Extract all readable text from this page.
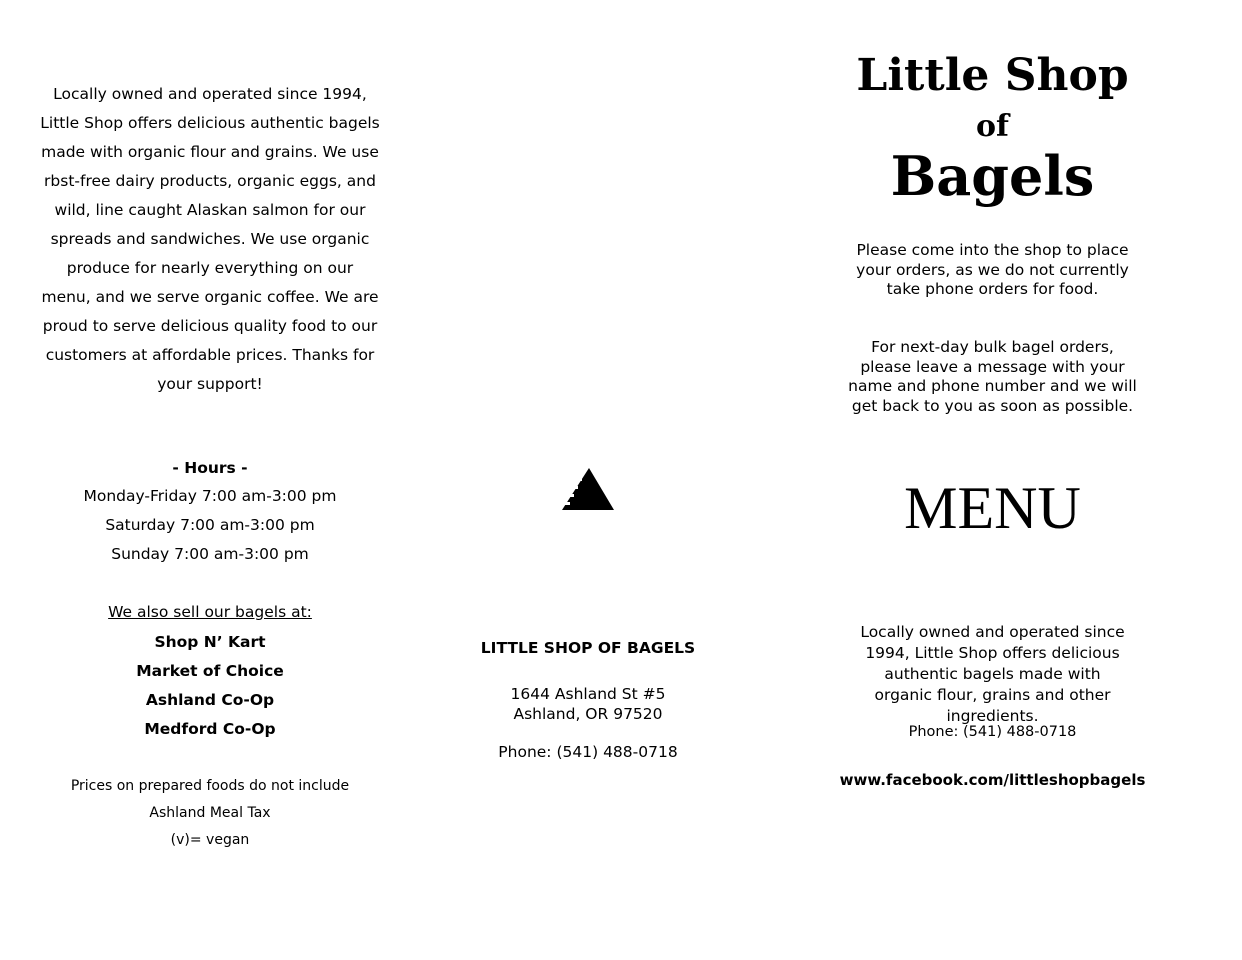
Locally owned and operated since 1994, Little Shop offers delicious authentic bagels made with organic flour and grains. We use rbst-free dairy products, organic eggs, and wild, line caught Alaskan salmon for our spreads and sandwiches. We use organic produce for nearly everything on our menu, and we serve organic coffee. We are proud to serve delicious quality food to our customers at affordable prices. Thanks for your support!
- Hours -
Monday-Friday 7:00 am-3:00 pm
Saturday 7:00 am-3:00 pm
Sunday 7:00 am-3:00 pm
We also sell our bagels at:
Shop N’ Kart
Market of Choice
Ashland Co-Op
Medford Co-Op
Prices on prepared foods do not include
Ashland Meal Tax
(v)= vegan
LITTLE SHOP OF BAGELS
1644 Ashland St #5
Ashland, OR 97520
Phone: (541) 488-0718
Little Shop
of
Bagels
Please come into the shop to place your orders, as we do not currently take phone orders for food.
For next-day bulk bagel orders, please leave a message with your name and phone number and we will get back to you as soon as possible.
MENU
Locally owned and operated since 1994, Little Shop offers delicious authentic bagels made with organic flour, grains and other ingredients.
Phone: (541) 488-0718
www.facebook.com/littleshopbagels
